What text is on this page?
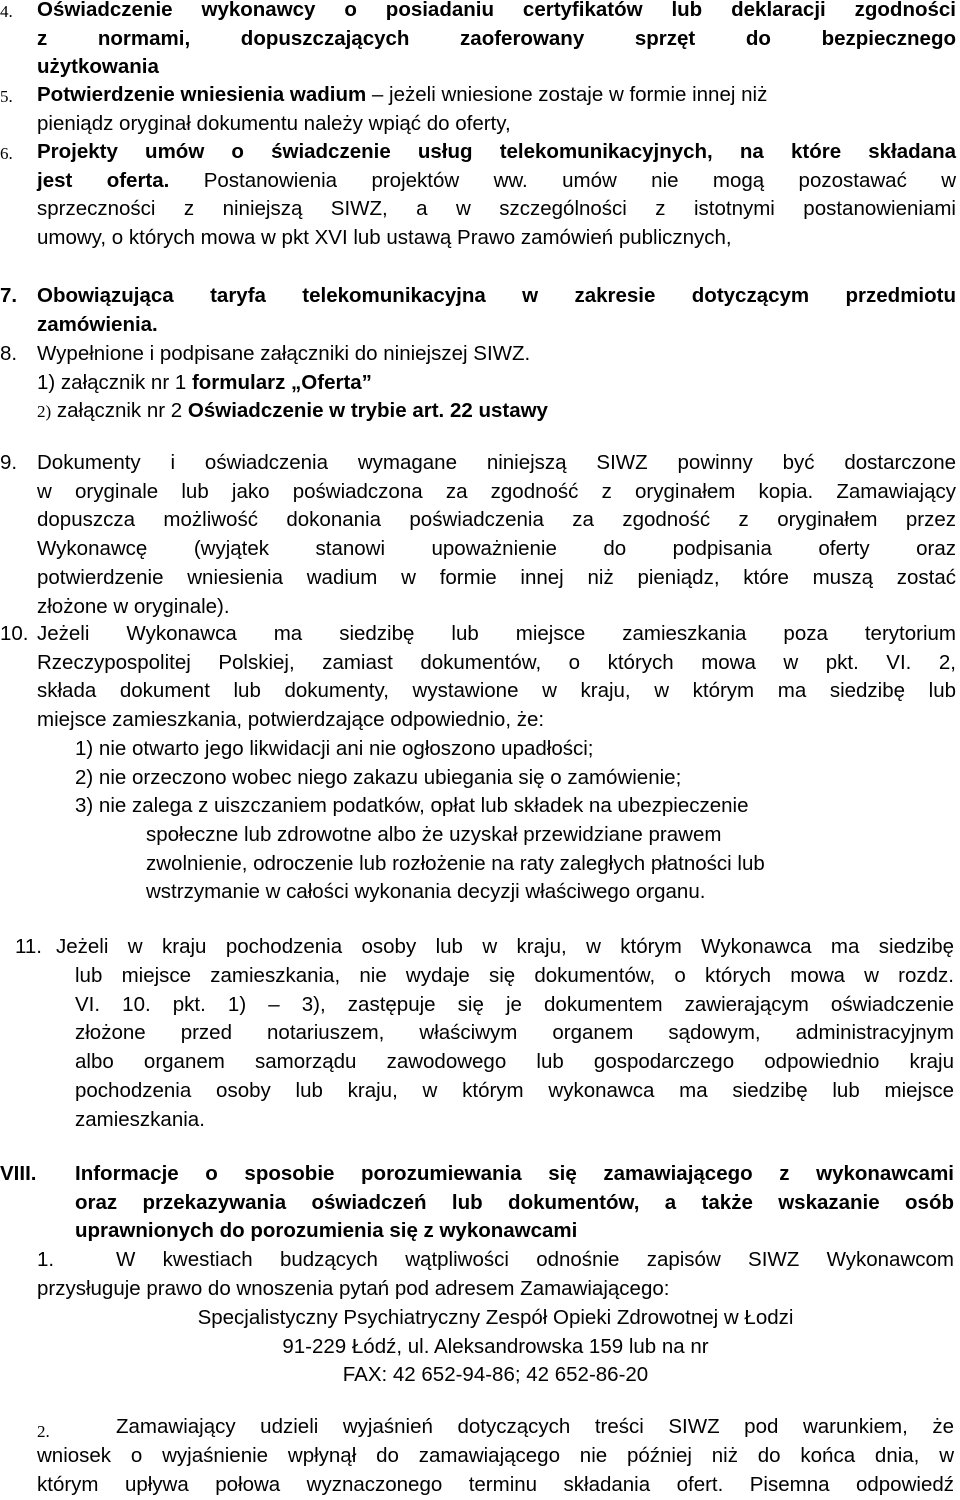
4. Oświadczenie wykonawcy o posiadaniu certyfikatów lub deklaracji zgodności
z normami, dopuszczających zaoferowany sprzęt do bezpiecznego
użytkowania
5. Potwierdzenie wniesienia wadium – jeżeli wniesione zostaje w formie innej niż
pieniądz oryginał dokumentu należy wpiąć do oferty,
6. Projekty umów o świadczenie usług telekomunikacyjnych, na które składana
jest oferta. Postanowienia projektów ww. umów nie mogą pozostawać w
sprzeczności z niniejszą SIWZ, a w szczególności z istotnymi postanowieniami
umowy, o których mowa w pkt XVI lub ustawą Prawo zamówień publicznych,
7. Obowiązująca taryfa telekomunikacyjna w zakresie dotyczącym przedmiotu
zamówienia.
8. Wypełnione i podpisane załączniki do niniejszej SIWZ.
1) załącznik nr 1 formularz „Oferta”
2) załącznik nr 2 Oświadczenie w trybie art. 22 ustawy
9. Dokumenty i oświadczenia wymagane niniejszą SIWZ powinny być dostarczone
w oryginale lub jako poświadczona za zgodność z oryginałem kopia. Zamawiający
dopuszcza możliwość dokonania poświadczenia za zgodność z oryginałem przez
Wykonawcę (wyjątek stanowi upoważnienie do podpisania oferty oraz
potwierdzenie wniesienia wadium w formie innej niż pieniądz, które muszą zostać
złożone w oryginale).
10. Jeżeli Wykonawca ma siedzibę lub miejsce zamieszkania poza terytorium
Rzeczypospolitej Polskiej, zamiast dokumentów, o których mowa w pkt. VI. 2,
składa dokument lub dokumenty, wystawione w kraju, w którym ma siedzibę lub
miejsce zamieszkania, potwierdzające odpowiednio, że:
1) nie otwarto jego likwidacji ani nie ogłoszono upadłości;
2) nie orzeczono wobec niego zakazu ubiegania się o zamówienie;
3) nie zalega z uiszczaniem podatków, opłat lub składek na ubezpieczenie
społeczne lub zdrowotne albo że uzyskał przewidziane prawem
zwolnienie, odroczenie lub rozłożenie na raty zaległych płatności lub
wstrzymanie w całości wykonania decyzji właściwego organu.
11. Jeżeli w kraju pochodzenia osoby lub w kraju, w którym Wykonawca ma siedzibę
lub miejsce zamieszkania, nie wydaje się dokumentów, o których mowa w rozdz.
VI. 10. pkt. 1) – 3), zastępuje się je dokumentem zawierającym oświadczenie
złożone przed notariuszem, właściwym organem sądowym, administracyjnym
albo organem samorządu zawodowego lub gospodarczego odpowiednio kraju
pochodzenia osoby lub kraju, w którym wykonawca ma siedzibę lub miejsce
zamieszkania.
VIII. Informacje o sposobie porozumiewania się zamawiającego z wykonawcami
oraz przekazywania oświadczeń lub dokumentów, a także wskazanie osób
uprawnionych do porozumienia się z wykonawcami
1.	W kwestiach budzących wątpliwości odnośnie zapisów SIWZ Wykonawcom
przysługuje prawo do wnoszenia pytań pod adresem Zamawiającego:
Specjalistyczny Psychiatryczny Zespół Opieki Zdrowotnej w Łodzi
91-229 Łódź, ul. Aleksandrowska 159 lub na nr
FAX: 42 652-94-86; 42 652-86-20
2.	Zamawiający udzieli wyjaśnień dotyczących treści SIWZ pod warunkiem, że
wniosek o wyjaśnienie wpłynął do zamawiającego nie później niż do końca dnia, w
którym upływa połowa wyznaczonego terminu składania ofert. Pisemna odpowiedź
